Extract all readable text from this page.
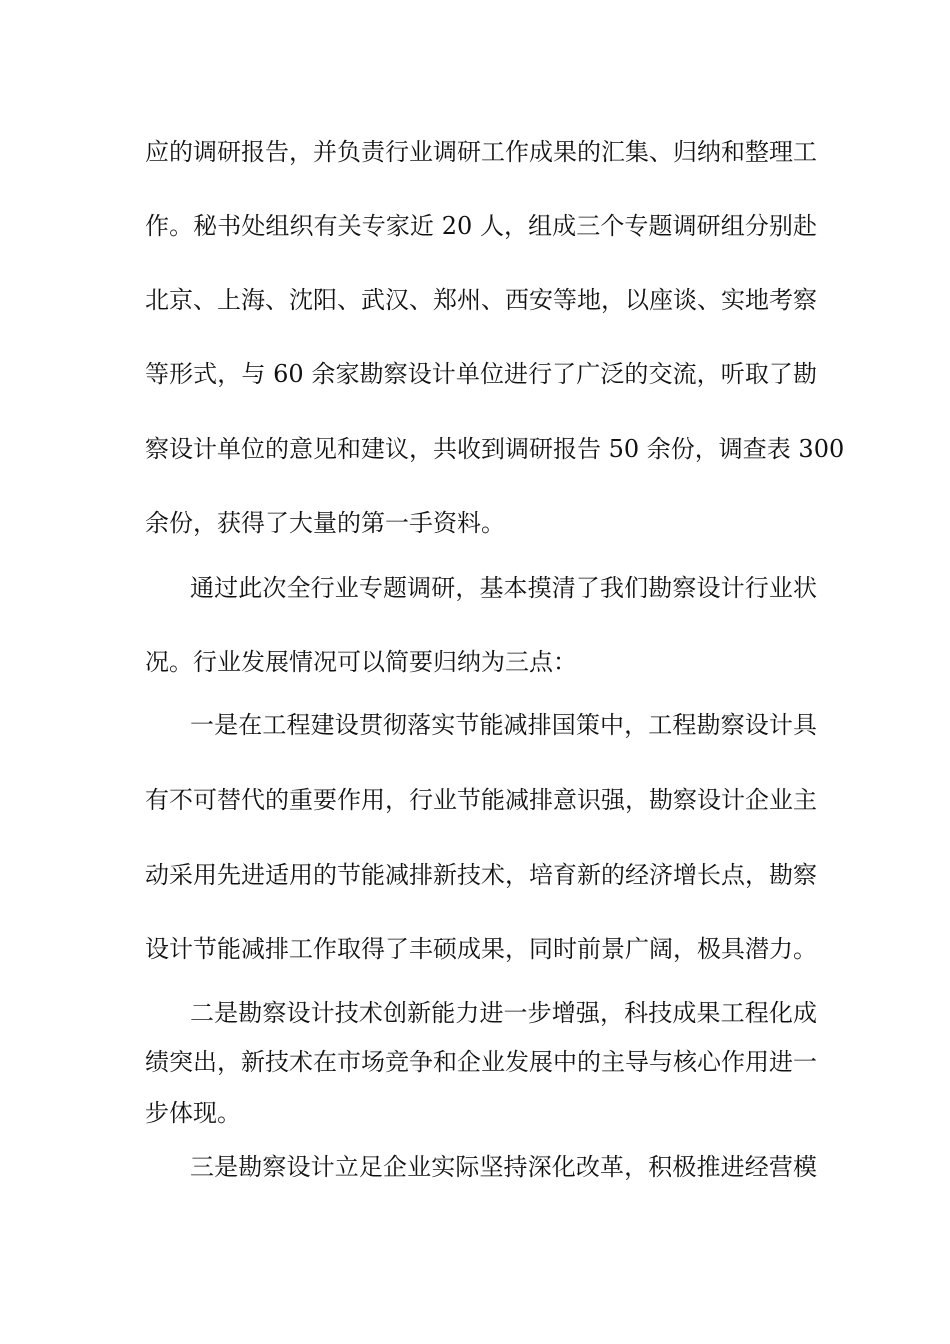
应的调研报告，并负责行业调研工作成果的汇集、归纳和整理工
作。秘书处组织有关专家近 20 人，组成三个专题调研组分别赴
北京、上海、沈阳、武汉、郑州、西安等地，以座谈、实地考察
等形式，与 60 余家勘察设计单位进行了广泛的交流，听取了勘
察设计单位的意见和建议，共收到调研报告 50 余份，调查表 300
余份，获得了大量的第一手资料。
通过此次全行业专题调研，基本摸清了我们勘察设计行业状
况。行业发展情况可以简要归纳为三点：
一是在工程建设贯彻落实节能减排国策中，工程勘察设计具
有不可替代的重要作用，行业节能减排意识强，勘察设计企业主
动采用先进适用的节能减排新技术，培育新的经济增长点，勘察
设计节能减排工作取得了丰硕成果，同时前景广阔，极具潜力。
二是勘察设计技术创新能力进一步增强，科技成果工程化成
绩突出，新技术在市场竞争和企业发展中的主导与核心作用进一
步体现。
三是勘察设计立足企业实际坚持深化改革，积极推进经营模
